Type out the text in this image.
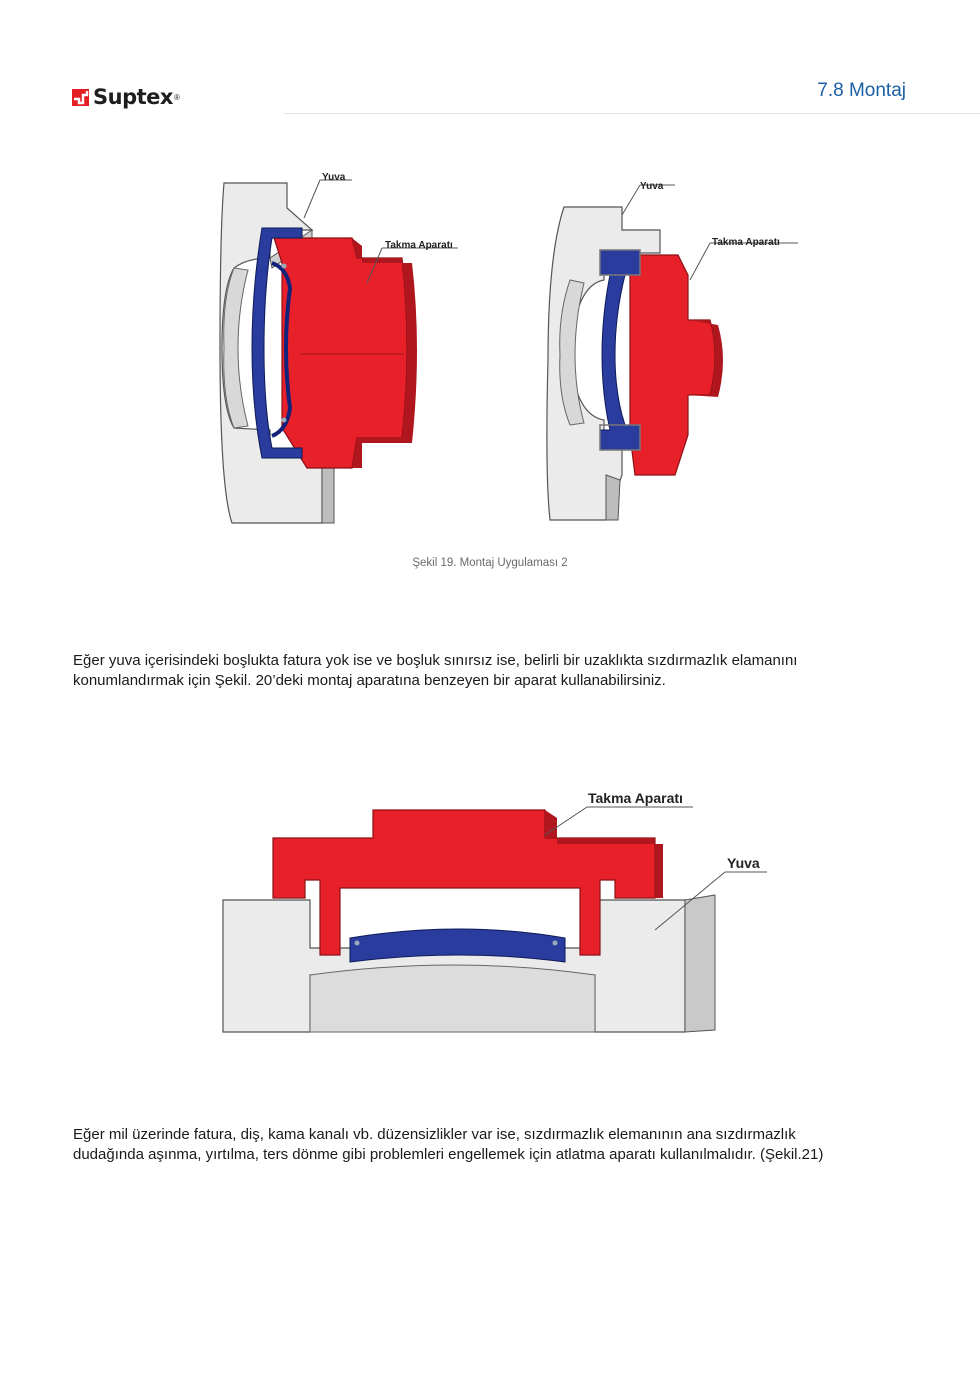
Suptex ®	7.8 Montaj
Yuva
Takma Aparatı
Yuva
Takma Aparatı
Şekil 19. Montaj Uygulaması 2

Eğer yuva içerisindeki boşlukta fatura yok ise ve boşluk sınırsız ise, belirli bir uzaklıkta sızdırmazlık elamanını

konumlandırmak için Şekil. 20’deki montaj aparatına benzeyen bir aparat kullanabilirsiniz.

Takma Aparatı
Yuva

Eğer mil üzerinde fatura, diş, kama kanalı vb. düzensizlikler var ise, sızdırmazlık elemanının ana sızdırmazlık

dudağında aşınma, yırtılma, ters dönme gibi problemleri engellemek için atlatma aparatı kullanılmalıdır. (Şekil.21)
